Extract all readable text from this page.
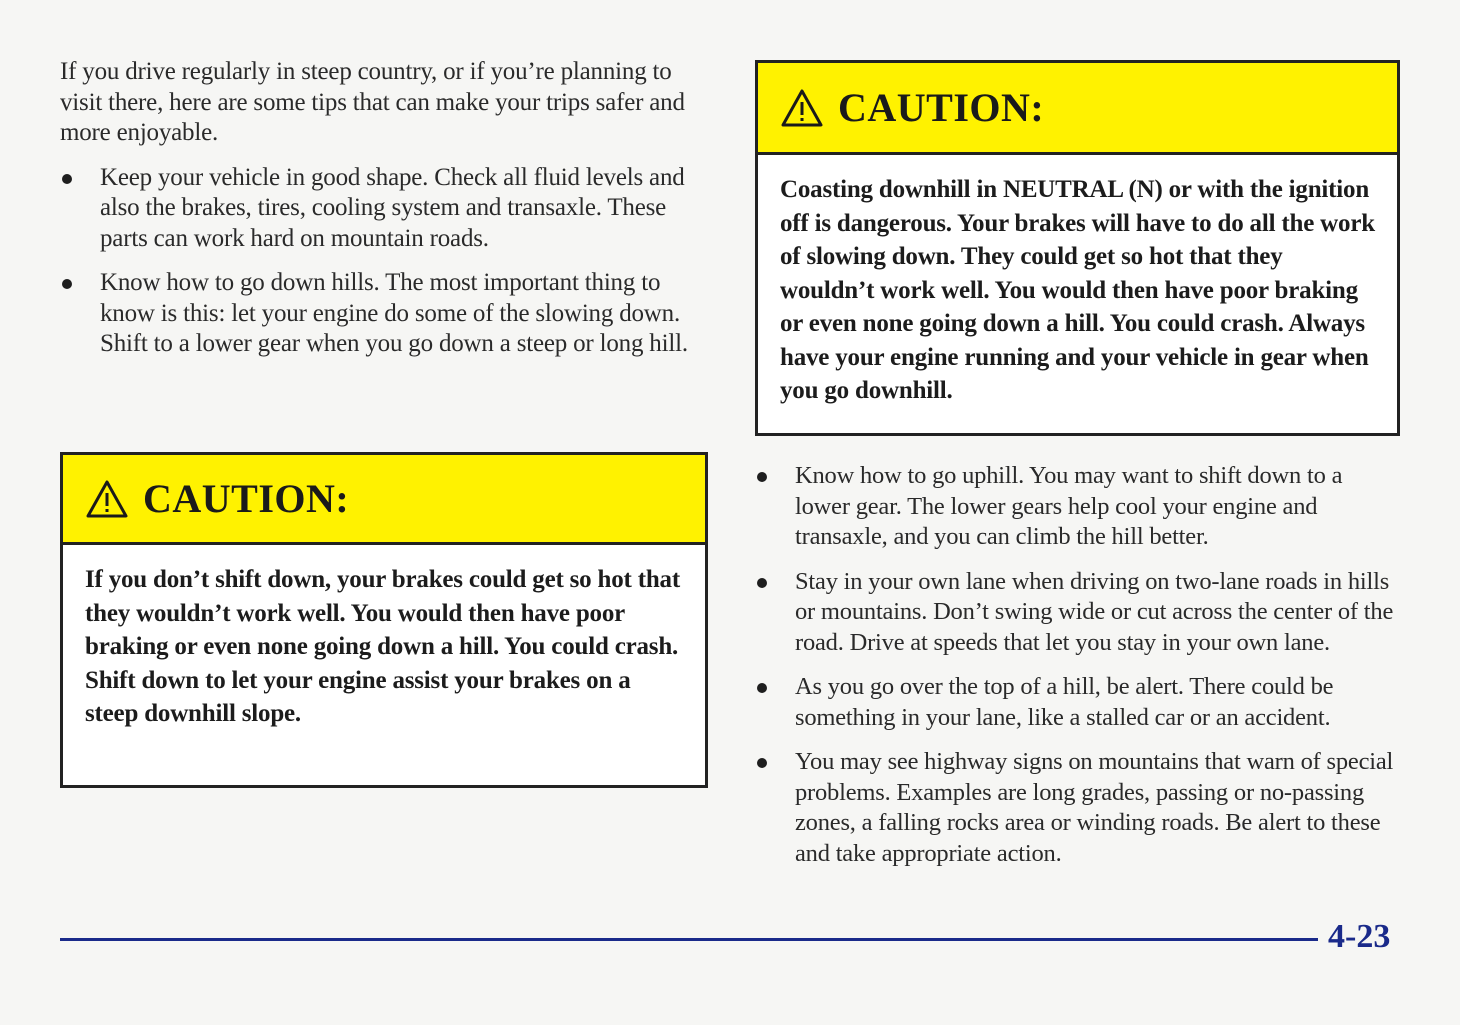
If you drive regularly in steep country, or if you’re planning to visit there, here are some tips that can make your trips safer and more enjoyable.

Keep your vehicle in good shape. Check all fluid levels and also the brakes, tires, cooling system and transaxle. These parts can work hard on mountain roads.
Know how to go down hills. The most important thing to know is this: let your engine do some of the slowing down. Shift to a lower gear when you go down a steep or long hill.
CAUTION:
If you don’t shift down, your brakes could get so hot that they wouldn’t work well. You would then have poor braking or even none going down a hill. You could crash. Shift down to let your engine assist your brakes on a steep downhill slope.
CAUTION:
Coasting downhill in NEUTRAL (N) or with the ignition off is dangerous. Your brakes will have to do all the work of slowing down. They could get so hot that they wouldn’t work well. You would then have poor braking or even none going down a hill. You could crash. Always have your engine running and your vehicle in gear when you go downhill.
Know how to go uphill. You may want to shift down to a lower gear. The lower gears help cool your engine and transaxle, and you can climb the hill better.
Stay in your own lane when driving on two-lane roads in hills or mountains. Don’t swing wide or cut across the center of the road. Drive at speeds that let you stay in your own lane.
As you go over the top of a hill, be alert. There could be something in your lane, like a stalled car or an accident.
You may see highway signs on mountains that warn of special problems. Examples are long grades, passing or no-passing zones, a falling rocks area or winding roads. Be alert to these and take appropriate action.
4-23
